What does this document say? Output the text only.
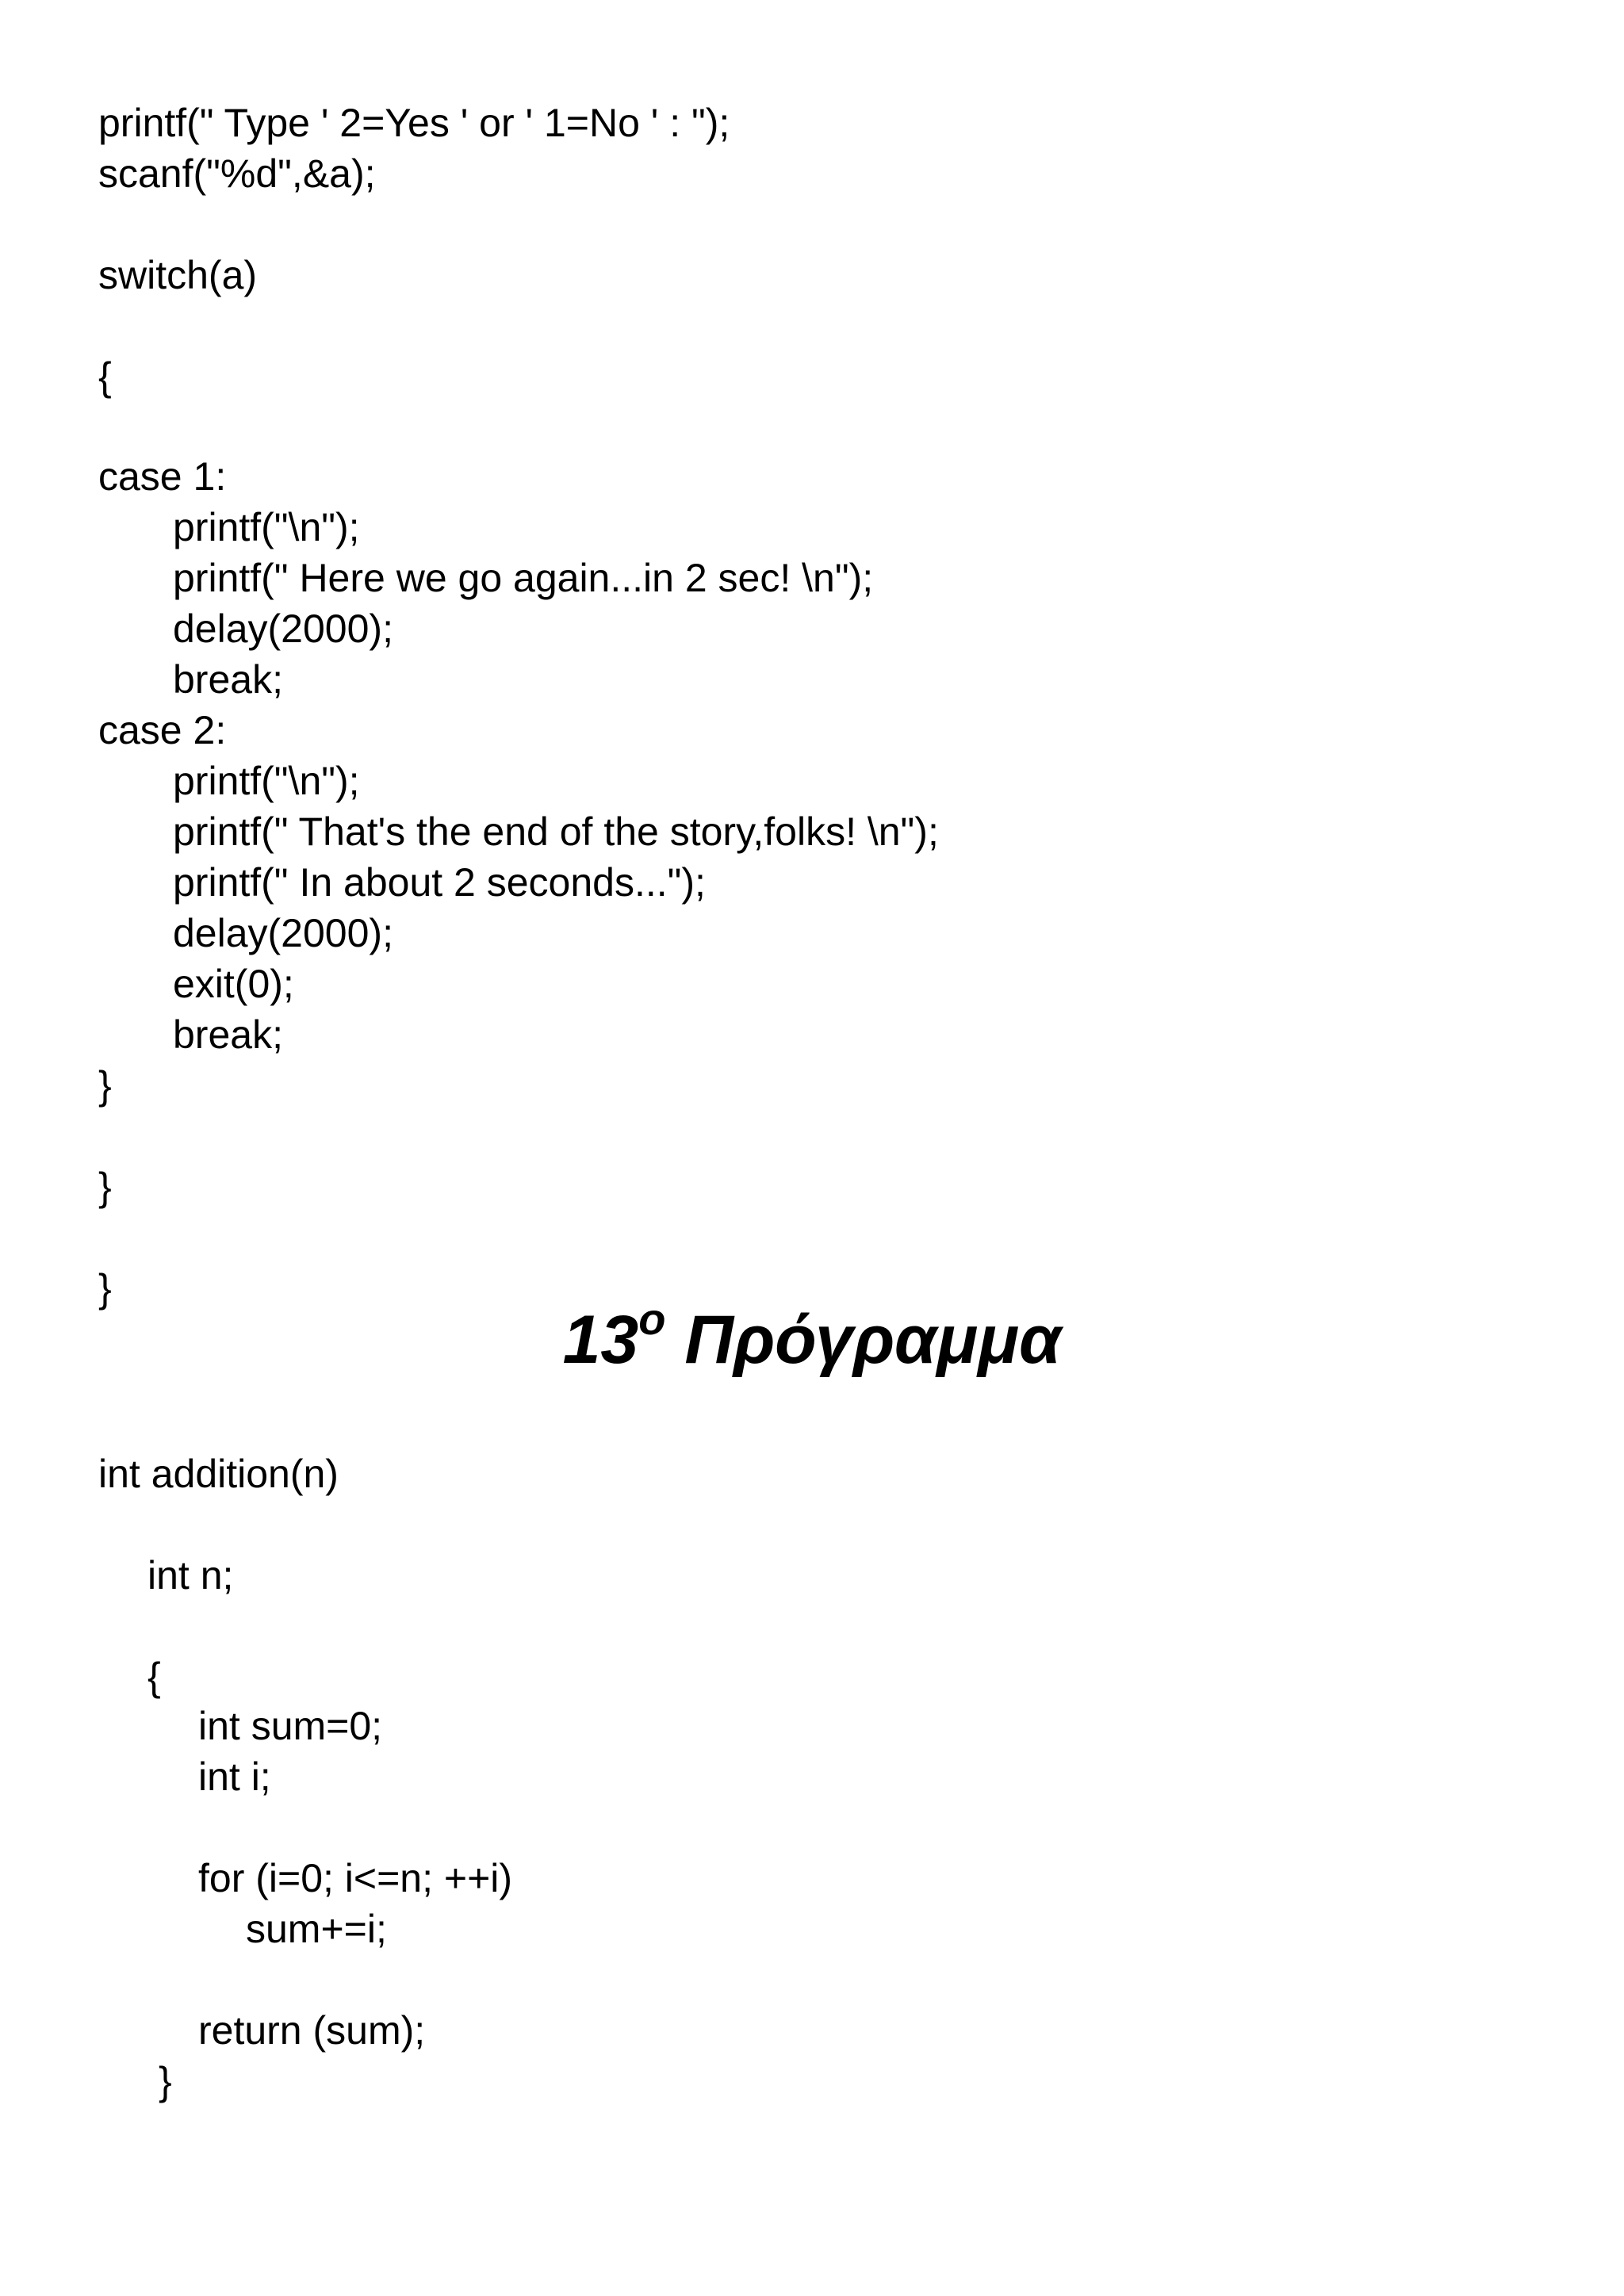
printf(" Type ' 2=Yes ' or ' 1=No ' : ");
scanf("%d",&a);
switch(a)
{
case 1:
printf("\n");
printf(" Here we go again...in 2 sec! \n");
delay(2000);
break;
case 2:
printf("\n");
printf(" That's the end of the story,folks! \n");
printf(" In about 2 seconds...");
delay(2000);
exit(0);
break;
}
}
}
13$^o$ Πρόγραμμα
int addition(n)
int n;
{
int sum=0;
int i;
for (i=0; i<=n; ++i)
sum+=i;
return (sum);
}
